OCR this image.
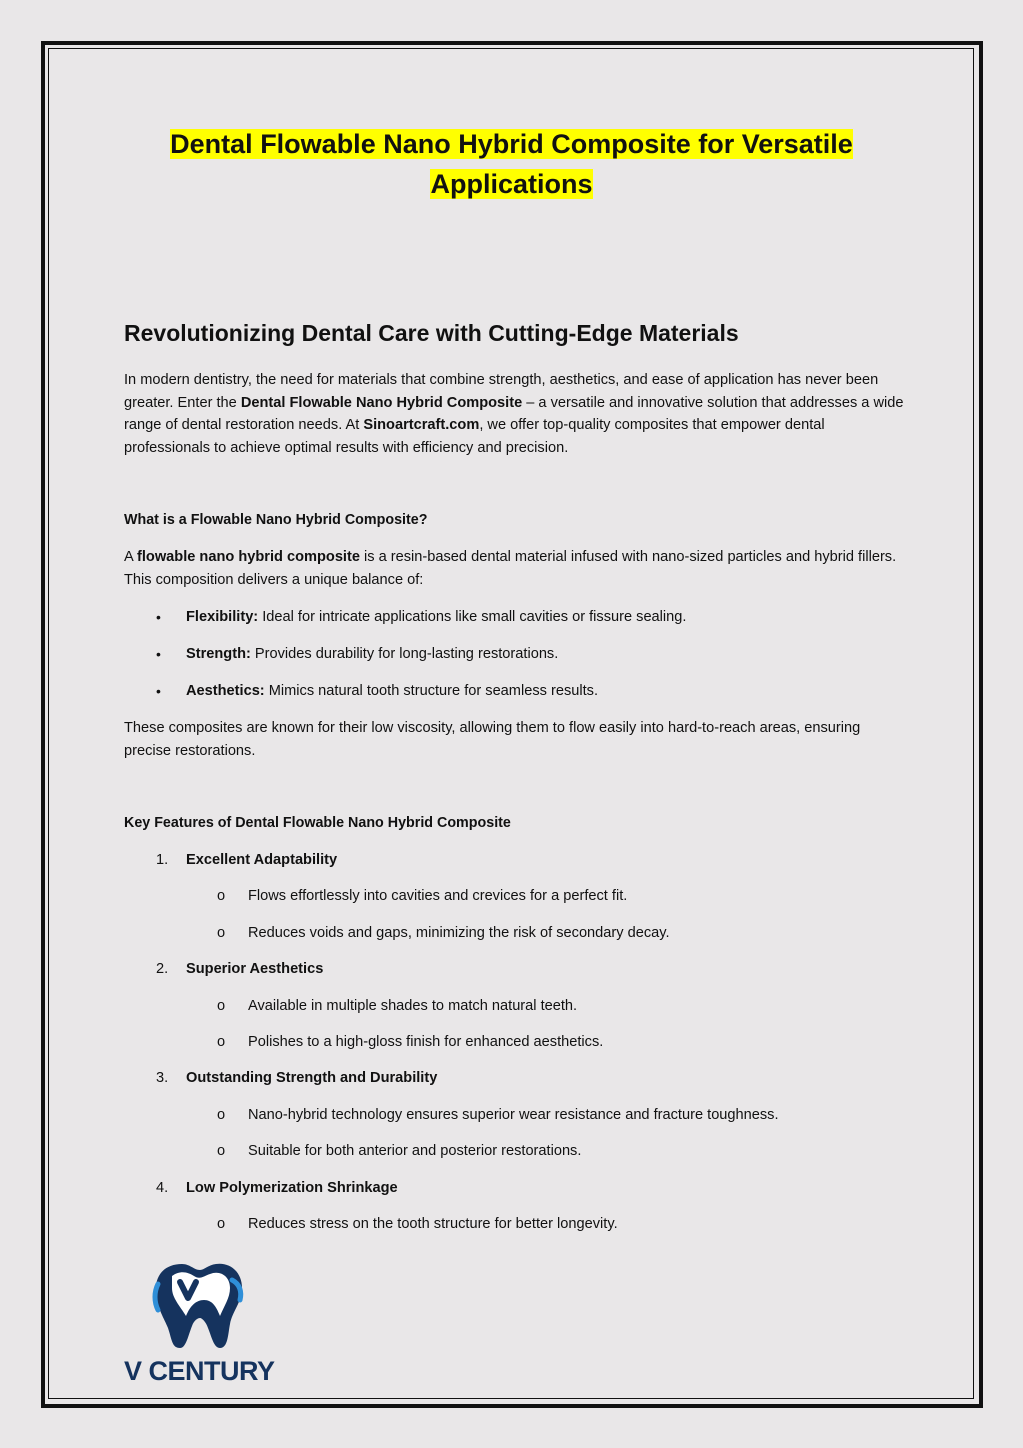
Dental Flowable Nano Hybrid Composite for Versatile

Applications

Revolutionizing Dental Care with Cutting-Edge Materials

In modern dentistry, the need for materials that combine strength, aesthetics, and ease of application has never been greater. Enter the Dental Flowable Nano Hybrid Composite – a versatile and innovative solution that addresses a wide range of dental restoration needs. At Sinoartcraft.com, we offer top-quality composites that empower dental professionals to achieve optimal results with efficiency and precision.

What is a Flowable Nano Hybrid Composite?

A flowable nano hybrid composite is a resin-based dental material infused with nano-sized particles and hybrid fillers. This composition delivers a unique balance of:

• Flexibility: Ideal for intricate applications like small cavities or fissure sealing.

• Strength: Provides durability for long-lasting restorations.

• Aesthetics: Mimics natural tooth structure for seamless results.

These composites are known for their low viscosity, allowing them to flow easily into hard-to-reach areas, ensuring precise restorations.

Key Features of Dental Flowable Nano Hybrid Composite

1. Excellent Adaptability

o Flows effortlessly into cavities and crevices for a perfect fit.

o Reduces voids and gaps, minimizing the risk of secondary decay.

2. Superior Aesthetics

o Available in multiple shades to match natural teeth.

o Polishes to a high-gloss finish for enhanced aesthetics.

3. Outstanding Strength and Durability

o Nano-hybrid technology ensures superior wear resistance and fracture toughness.

o Suitable for both anterior and posterior restorations.

4. Low Polymerization Shrinkage

o Reduces stress on the tooth structure for better longevity.

V CENTURY
